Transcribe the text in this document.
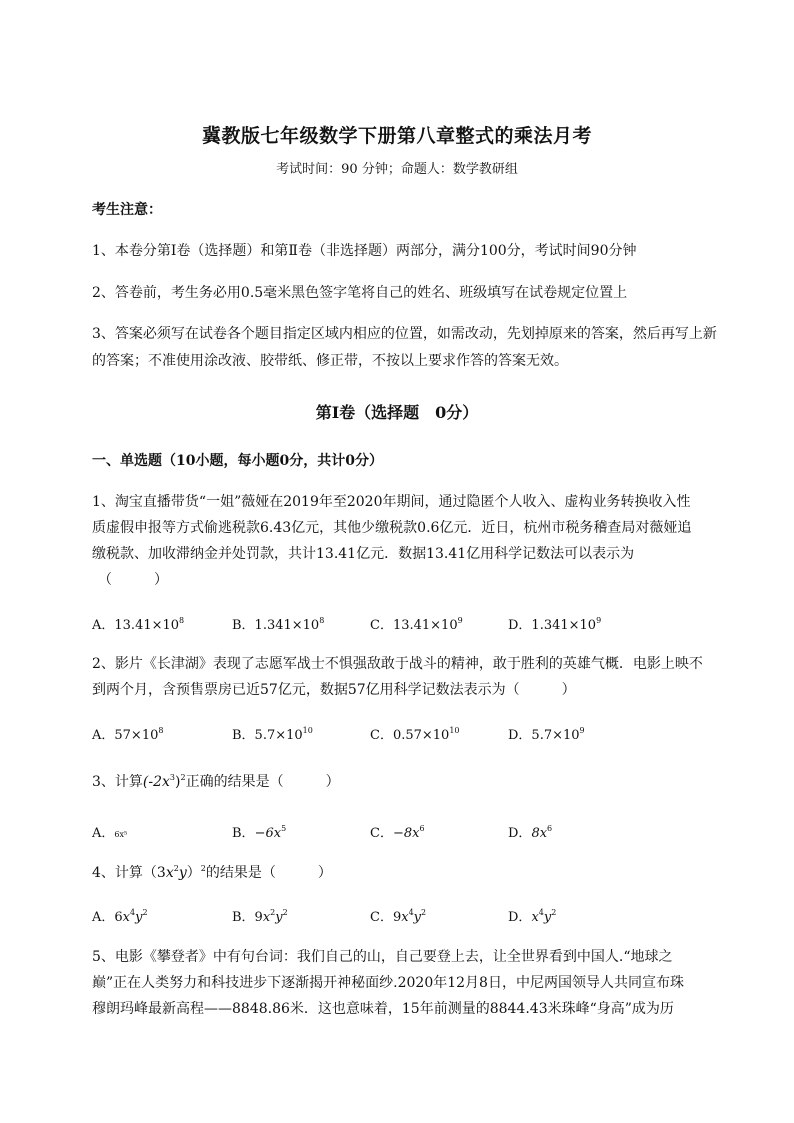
冀教版七年级数学下册第八章整式的乘法月考
考试时间：90 分钟；命题人：数学教研组
考生注意：
1、本卷分第Ⅰ卷（选择题）和第Ⅱ卷（非选择题）两部分，满分100分，考试时间90分钟
2、答卷前，考生务必用0.5毫米黑色签字笔将自己的姓名、班级填写在试卷规定位置上
3、答案必须写在试卷各个题目指定区域内相应的位置，如需改动，先划掉原来的答案，然后再写上新
的答案；不准使用涂改液、胶带纸、修正带，不按以上要求作答的答案无效。
第Ⅰ卷（选择题　0分）
一、单选题（10小题，每小题0分，共计0分）
1、淘宝直播带货“一姐”薇娅在2019年至2020年期间，通过隐匿个人收入、虚构业务转换收入性
质虚假申报等方式偷逃税款6.43亿元，其他少缴税款0.6亿元．近日，杭州市税务稽查局对薇娅追
缴税款、加收滞纳金并处罚款，共计13.41亿元．数据13.41亿用科学记数法可以表示为
（　　　）
A．$13.41\times 10^8$	B．$1.341\times 10^8$	C．$13.41\times 10^9$	D．$1.341\times 10^9$
2、影片《长津湖》表现了志愿军战士不惧强敌敢于战斗的精神，敢于胜利的英雄气概．电影上映不
到两个月，含预售票房已近57亿元，数据57亿用科学记数法表示为（　　　）
A．$57\times 10^8$	B．$5.7\times 10^{10}$	C．$0.57\times 10^{10}$	D．$5.7\times 10^9$
3、计算$(-2x^3)^2$正确的结果是（　　　）
A．6x⁵	B．$-6x^5$	C．$-8x^6$	D．$8x^6$
4、计算$(3x^2y)^2$的结果是（　　　）
A．$6x^4y^2$	B．$9x^2y^2$	C．$9x^4y^2$	D．$x^4y^2$
5、电影《攀登者》中有句台词：我们自己的山，自己要登上去，让全世界看到中国人.“地球之
巅”正在人类努力和科技进步下逐渐揭开神秘面纱.2020年12月8日，中尼两国领导人共同宣布珠
穆朗玛峰最新高程——8848.86米．这也意味着，15年前测量的8844.43米珠峰“身高”成为历
